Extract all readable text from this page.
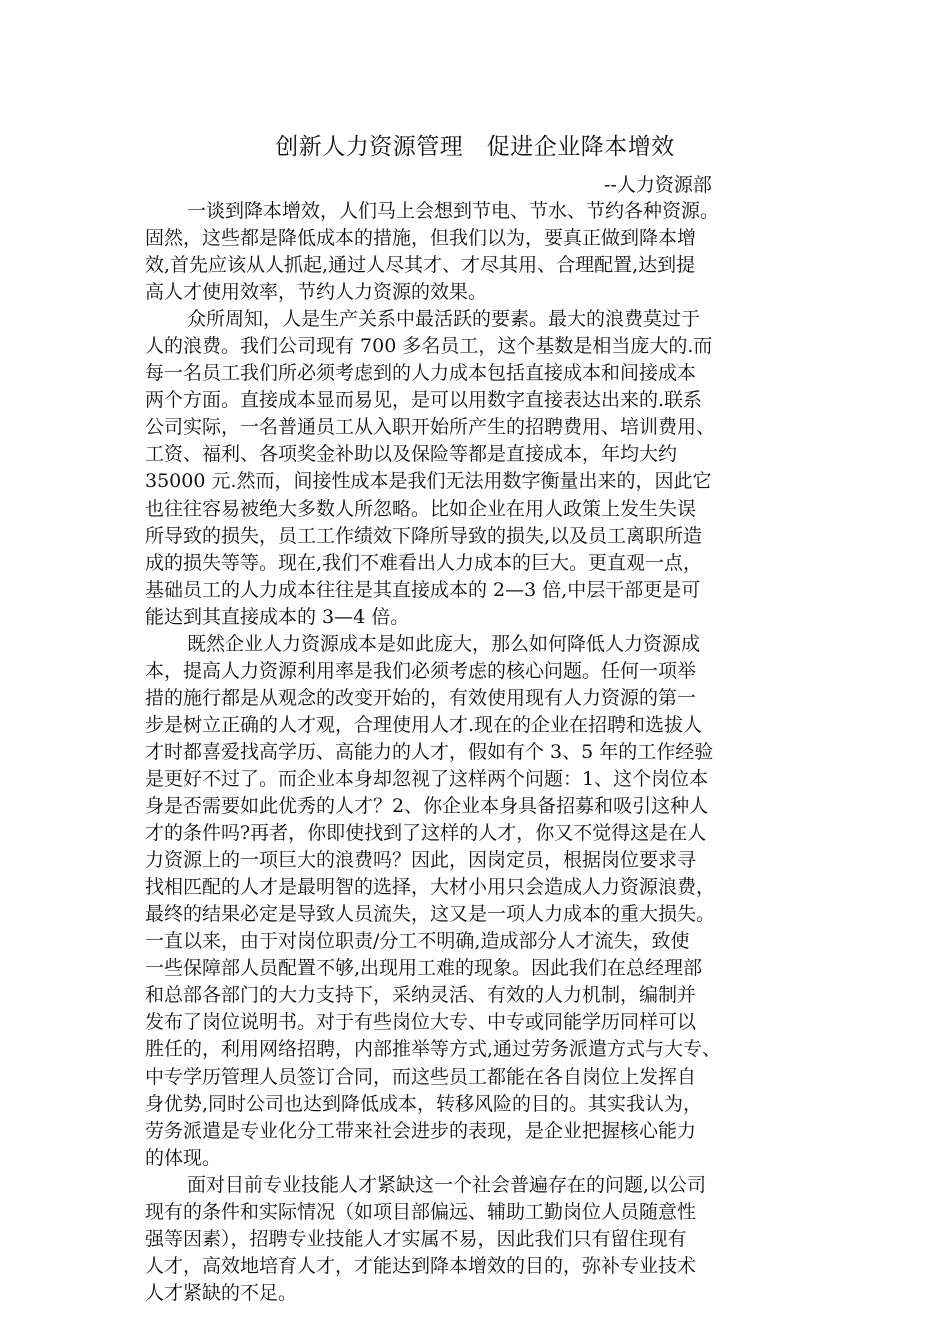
创新人力资源管理　促进企业降本增效
--人力资源部
一谈到降本增效，人们马上会想到节电、节水、节约各种资源。
固然，这些都是降低成本的措施，但我们以为，要真正做到降本增
效,首先应该从人抓起,通过人尽其才、才尽其用、合理配置,达到提
高人才使用效率，节约人力资源的效果。
众所周知，人是生产关系中最活跃的要素。最大的浪费莫过于
人的浪费。我们公司现有 700 多名员工，这个基数是相当庞大的.而
每一名员工我们所必须考虑到的人力成本包括直接成本和间接成本
两个方面。直接成本显而易见，是可以用数字直接表达出来的.联系
公司实际，一名普通员工从入职开始所产生的招聘费用、培训费用、
工资、福利、各项奖金补助以及保险等都是直接成本，年均大约
35000 元.然而，间接性成本是我们无法用数字衡量出来的，因此它
也往往容易被绝大多数人所忽略。比如企业在用人政策上发生失误
所导致的损失，员工工作绩效下降所导致的损失,以及员工离职所造
成的损失等等。现在,我们不难看出人力成本的巨大。更直观一点，
基础员工的人力成本往往是其直接成本的 2—3 倍,中层干部更是可
能达到其直接成本的 3—4 倍。
既然企业人力资源成本是如此庞大，那么如何降低人力资源成
本，提高人力资源利用率是我们必须考虑的核心问题。任何一项举
措的施行都是从观念的改变开始的，有效使用现有人力资源的第一
步是树立正确的人才观，合理使用人才.现在的企业在招聘和选拔人
才时都喜爱找高学历、高能力的人才，假如有个 3、5 年的工作经验
是更好不过了。而企业本身却忽视了这样两个问题：1、这个岗位本
身是否需要如此优秀的人才？2、你企业本身具备招募和吸引这种人
才的条件吗?再者，你即使找到了这样的人才，你又不觉得这是在人
力资源上的一项巨大的浪费吗？因此，因岗定员，根据岗位要求寻
找相匹配的人才是最明智的选择，大材小用只会造成人力资源浪费，
最终的结果必定是导致人员流失，这又是一项人力成本的重大损失。
一直以来，由于对岗位职责/分工不明确,造成部分人才流失，致使
一些保障部人员配置不够,出现用工难的现象。因此我们在总经理部
和总部各部门的大力支持下，采纳灵活、有效的人力机制，编制并
发布了岗位说明书。对于有些岗位大专、中专或同能学历同样可以
胜任的，利用网络招聘，内部推举等方式,通过劳务派遣方式与大专、
中专学历管理人员签订合同，而这些员工都能在各自岗位上发挥自
身优势,同时公司也达到降低成本，转移风险的目的。其实我认为，
劳务派遣是专业化分工带来社会进步的表现，是企业把握核心能力
的体现。
面对目前专业技能人才紧缺这一个社会普遍存在的问题,以公司
现有的条件和实际情况（如项目部偏远、辅助工勤岗位人员随意性
强等因素），招聘专业技能人才实属不易，因此我们只有留住现有
人才，高效地培育人才，才能达到降本增效的目的，弥补专业技术
人才紧缺的不足。
